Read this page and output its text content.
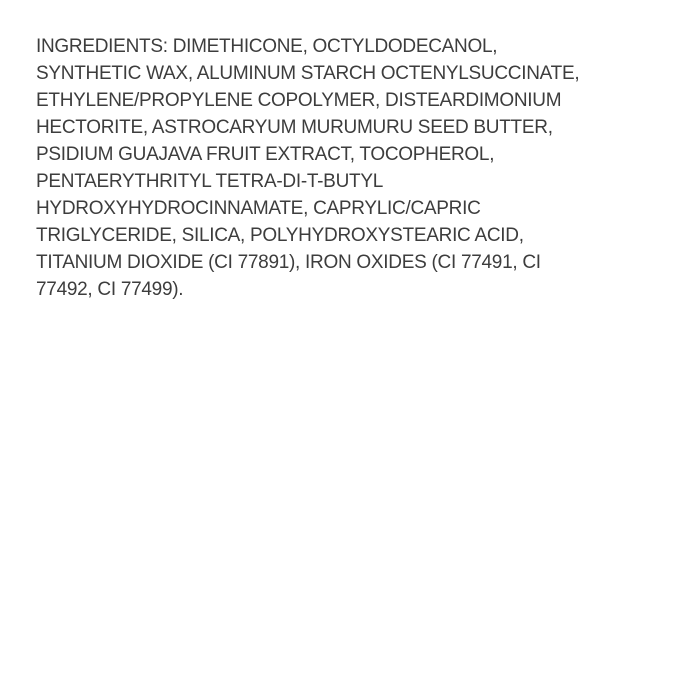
INGREDIENTS: DIMETHICONE, OCTYLDODECANOL,
SYNTHETIC WAX, ALUMINUM STARCH OCTENYLSUCCINATE,
ETHYLENE/PROPYLENE COPOLYMER, DISTEARDIMONIUM
HECTORITE, ASTROCARYUM MURUMURU SEED BUTTER,
PSIDIUM GUAJAVA FRUIT EXTRACT, TOCOPHEROL,
PENTAERYTHRITYL TETRA-DI-T-BUTYL
HYDROXYHYDROCINNAMATE, CAPRYLIC/CAPRIC
TRIGLYCERIDE, SILICA, POLYHYDROXYSTEARIC ACID,
TITANIUM DIOXIDE (CI 77891), IRON OXIDES (CI 77491, CI
77492, CI 77499).
